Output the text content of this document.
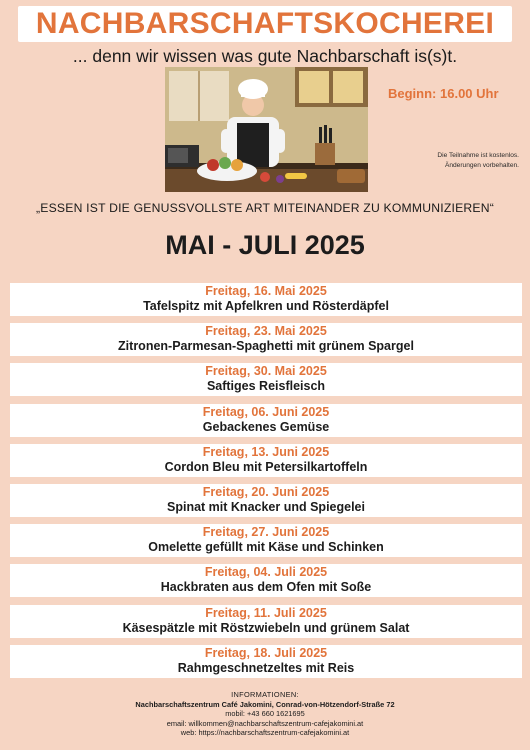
NACHBARSCHAFTSKOCHEREI
... denn wir wissen was gute Nachbarschaft is(s)t.
Beginn: 16.00 Uhr
Die Teilnahme ist kostenlos.
Änderungen vorbehalten.
„ESSEN IST DIE GENUSSVOLLSTE ART MITEINANDER ZU KOMMUNIZIEREN“
MAI - JULI 2025
Freitag, 16. Mai 2025
Tafelspitz mit Apfelkren und Rösterdäpfel
Freitag, 23. Mai 2025
Zitronen-Parmesan-Spaghetti mit grünem Spargel
Freitag, 30. Mai 2025
Saftiges Reisfleisch
Freitag, 06. Juni 2025
Gebackenes Gemüse
Freitag, 13. Juni 2025
Cordon Bleu mit Petersilkartoffeln
Freitag, 20. Juni 2025
Spinat mit Knacker und Spiegelei
Freitag, 27. Juni 2025
Omelette gefüllt mit Käse und Schinken
Freitag, 04. Juli 2025
Hackbraten aus dem Ofen mit Soße
Freitag, 11. Juli 2025
Käsespätzle mit Röstzwiebeln und grünem Salat
Freitag, 18. Juli 2025
Rahmgeschnetzeltes mit Reis
INFORMATIONEN:
Nachbarschaftszentrum Café Jakomini, Conrad-von-Hötzendorf-Straße 72
mobil: +43 660 1621695
email: willkommen@nachbarschaftszentrum-cafejakomini.at
web: https://nachbarschaftszentrum-cafejakomini.at
